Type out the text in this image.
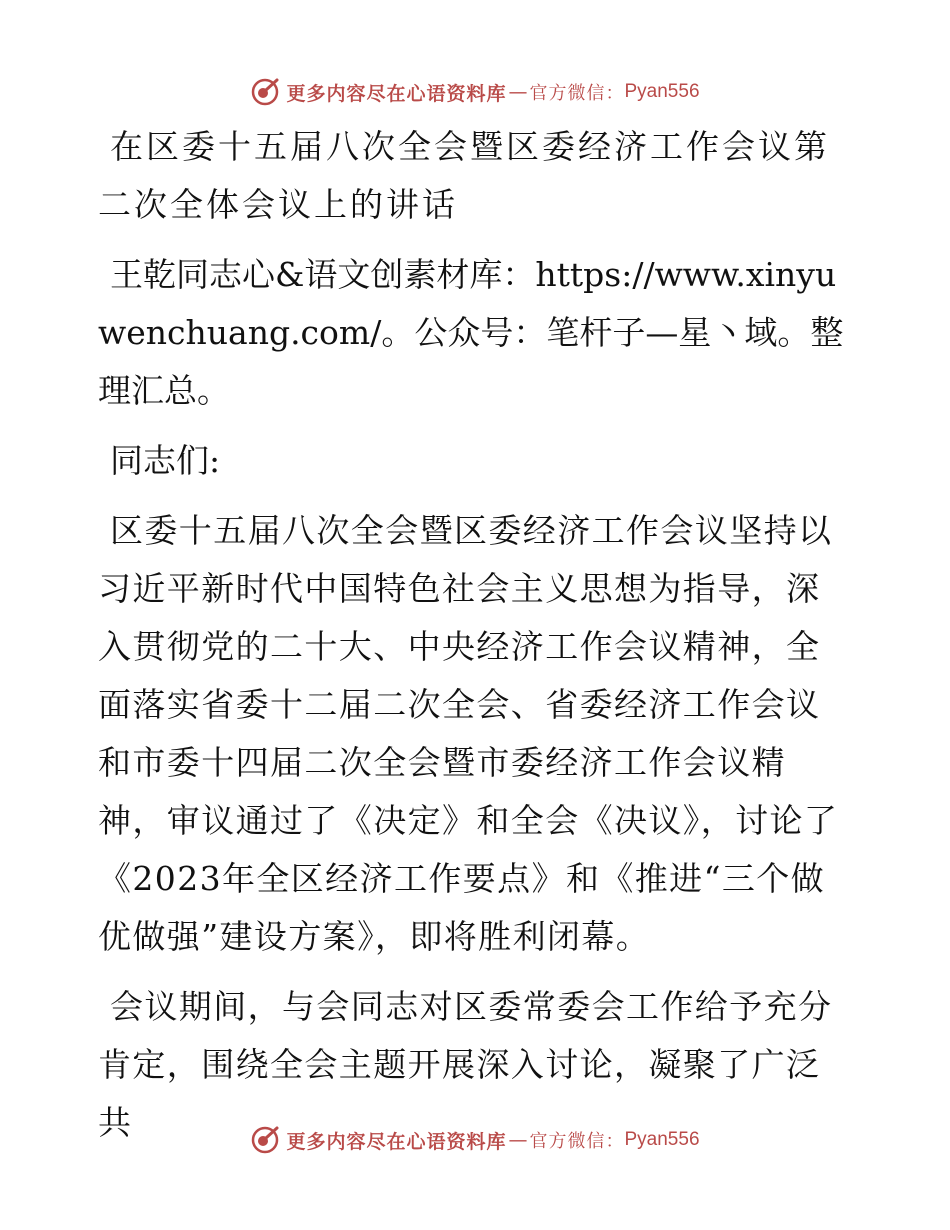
更多内容尽在心语资料库 — 官方微信： Pyan556

在区委十五届八次全会暨区委经济工作会议第二次全体会议上的讲话

王乾同志心&语文创素材库：https://www.xinyuwenchuang.com/。公众号：笔杆子—星丶域。整理汇总。

同志们:

区委十五届八次全会暨区委经济工作会议坚持以习近平新时代中国特色社会主义思想为指导，深入贯彻党的二十大、中央经济工作会议精神，全面落实省委十二届二次全会、省委经济工作会议和市委十四届二次全会暨市委经济工作会议精神，审议通过了《决定》和全会《决议》，讨论了《2023年全区经济工作要点》和《推进“三个做优做强”建设方案》，即将胜利闭幕。

会议期间，与会同志对区委常委会工作给予充分肯定，围绕全会主题开展深入讨论，凝聚了广泛共	更多内容尽在心语资料库 — 官方微信： Pyan556
